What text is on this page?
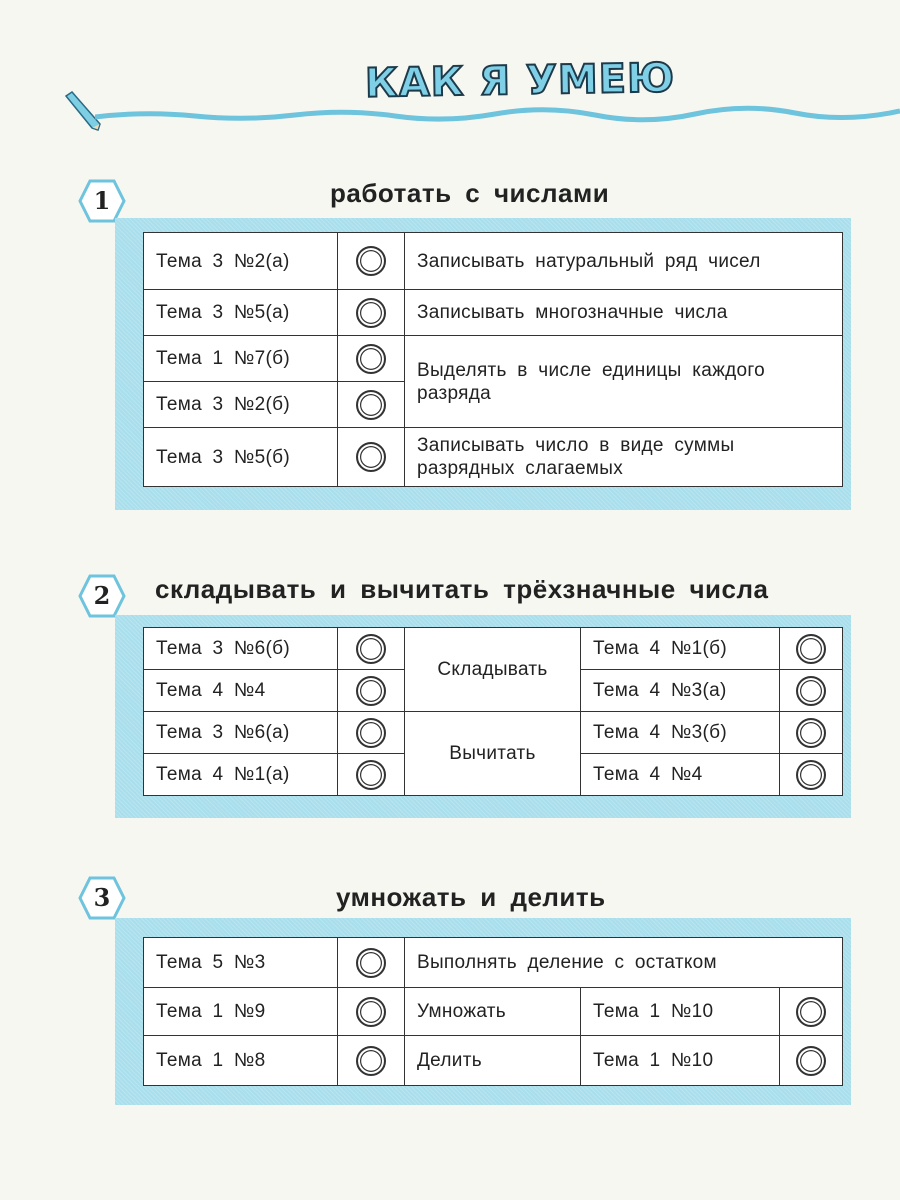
КАК Я УМЕЮ
1	работать с числами
Тема 3 №2(а)		Записывать натуральный ряд чисел
Тема 3 №5(а)		Записывать многозначные числа
Тема 1 №7(б)		Выделять в числе единицы каждого разряда
Тема 3 №2(б)		
Тема 3 №5(б)		Записывать число в виде суммы разрядных слагаемых
2	складывать и вычитать трёхзначные числа
Тема 3 №6(б)		Складывать	Тема 4 №1(б)	
Тема 4 №4			Тема 4 №3(а)	
Тема 3 №6(а)		Вычитать	Тема 4 №3(б)	
Тема 4 №1(а)			Тема 4 №4	
3	умножать и делить
Тема 5 №3		Выполнять деление с остатком		
Тема 1 №9		Умножать	Тема 1 №10	
Тема 1 №8		Делить	Тема 1 №10	
